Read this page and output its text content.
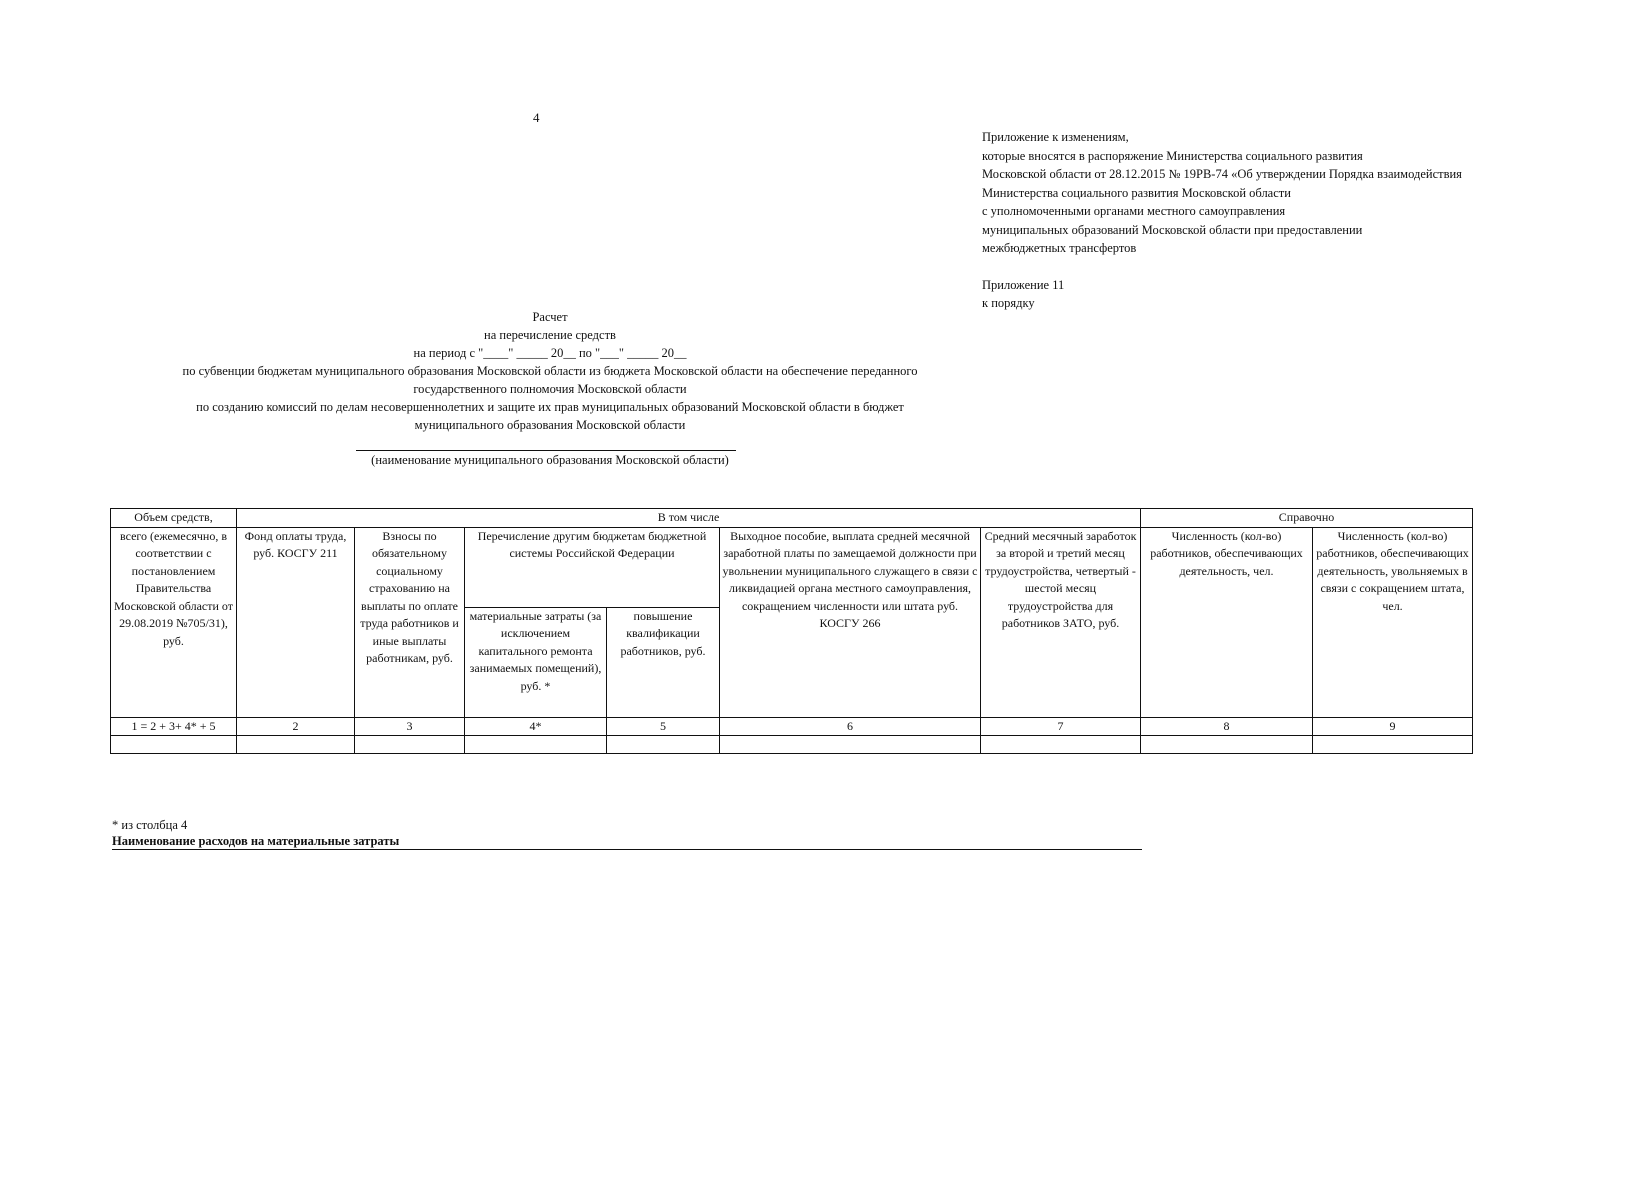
4
Приложение к изменениям,
которые вносятся в распоряжение Министерства социального развития
Московской области от 28.12.2015 № 19РВ-74 «Об утверждении Порядка взаимодействия
Министерства социального развития Московской области
с уполномоченными органами местного самоуправления
муниципальных образований Московской области при предоставлении
межбюджетных трансфертов
Приложение 11
к порядку
Расчет
на перечисление средств
на период с "____" _____ 20__ по "___" _____ 20__
по субвенции бюджетам муниципального образования Московской области из бюджета Московской области на обеспечение переданного
государственного полномочия Московской области
по созданию комиссий по делам несовершеннолетних и защите их прав муниципальных образований Московской области в бюджет
муниципального образования Московской области
(наименование муниципального образования Московской области)
Объем средств,	В том числе						Справочно	
всего (ежемесячно, в соответствии с постановлением Правительства Московской области от 29.08.2019 №705/31), руб.	Фонд оплаты труда, руб. КОСГУ 211	Взносы по обязательному социальному страхованию на выплаты по оплате труда работников и иные выплаты работникам, руб.	Перечисление другим бюджетам бюджетной системы Российской Федерации		Выходное пособие, выплата средней месячной заработной платы по замещаемой должности при увольнении муниципального служащего в связи с ликвидацией органа местного самоуправления, сокращением численности или штата руб. КОСГУ 266	Средний месячный заработок за второй и третий месяц трудоустройства, четвертый - шестой месяц трудоустройства для работников ЗАТО, руб.	Численность (кол-во) работников, обеспечивающих деятельность, чел.	Численность (кол-во) работников, обеспечивающих деятельность, увольняемых в связи с сокращением штата, чел.
			материальные затраты (за исключением капитального ремонта занимаемых помещений), руб. *	повышение квалификации работников, руб.				
1 = 2 + 3+ 4* + 5	2	3	4*	5	6	7	8	9

* из столбца 4
Наименование расходов на материальные затраты
